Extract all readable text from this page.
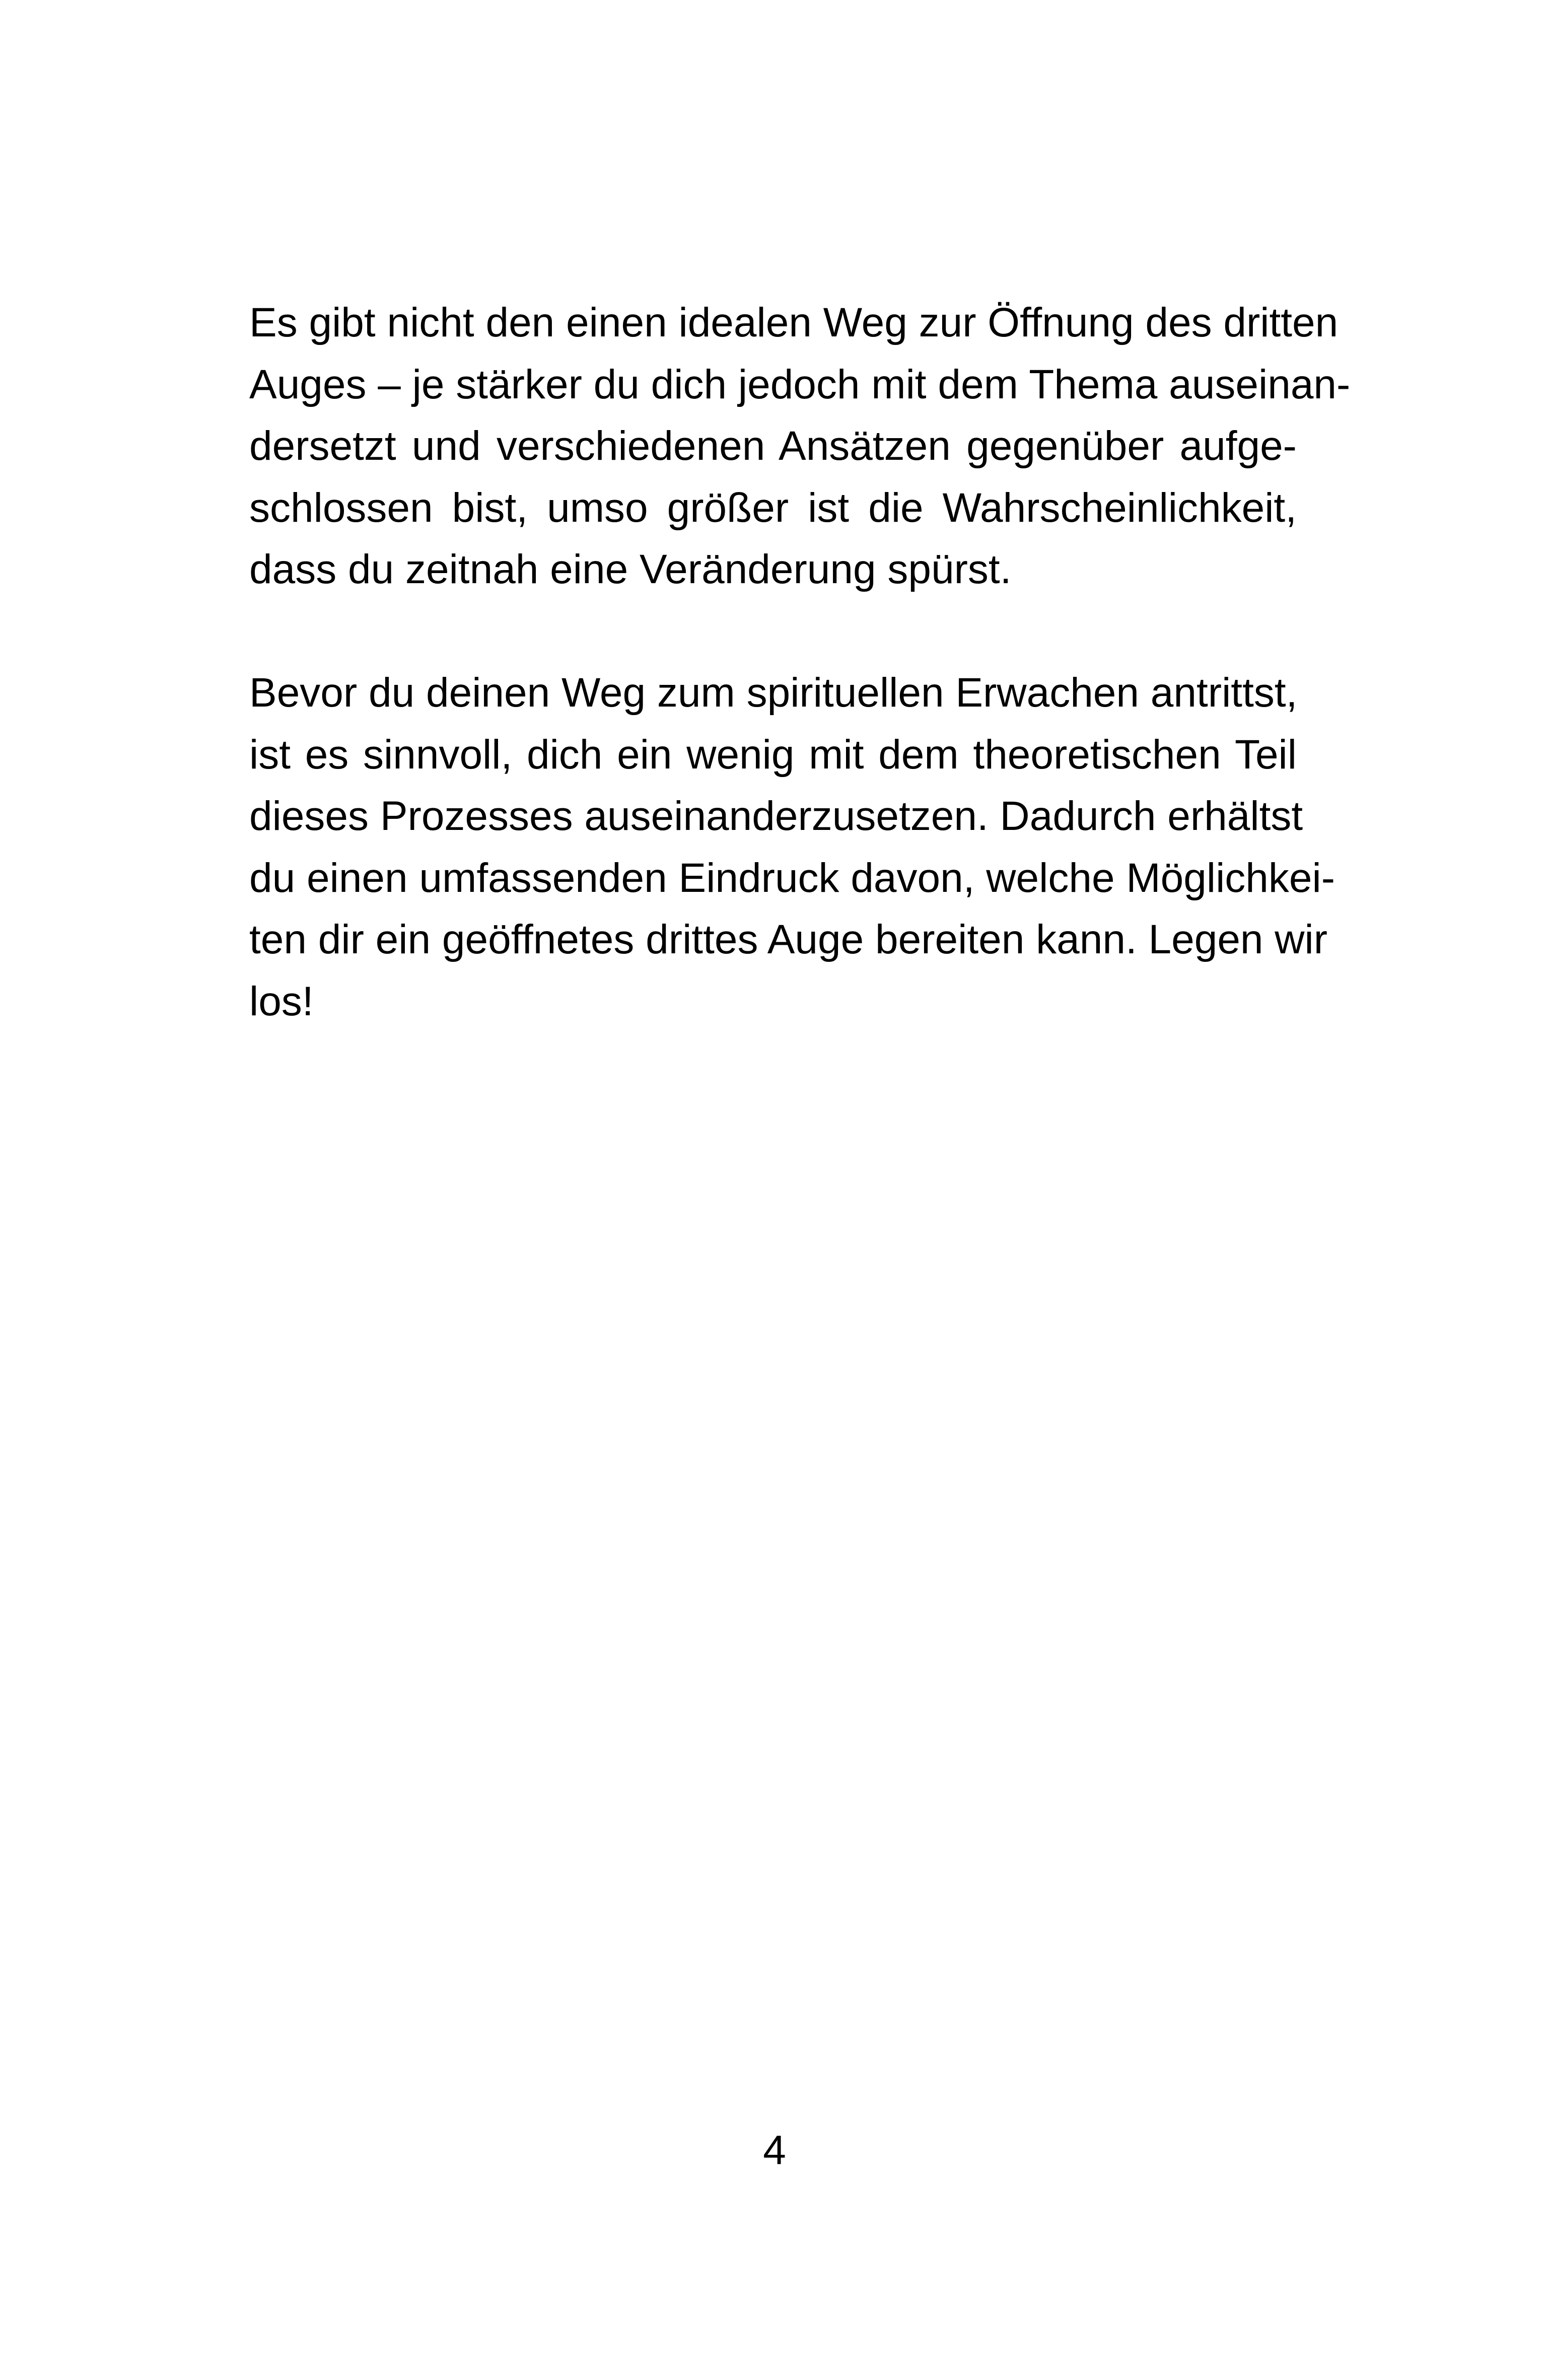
Es gibt nicht den einen idealen Weg zur Öffnung des dritten
Auges – je stärker du dich jedoch mit dem Thema auseinan-
dersetzt und verschiedenen Ansätzen gegenüber aufge-
schlossen bist, umso größer ist die Wahrscheinlichkeit,
dass du zeitnah eine Veränderung spürst.
Bevor du deinen Weg zum spirituellen Erwachen antrittst,
ist es sinnvoll, dich ein wenig mit dem theoretischen Teil
dieses Prozesses auseinanderzusetzen. Dadurch erhältst
du einen umfassenden Eindruck davon, welche Möglichkei-
ten dir ein geöffnetes drittes Auge bereiten kann. Legen wir
los!
4
